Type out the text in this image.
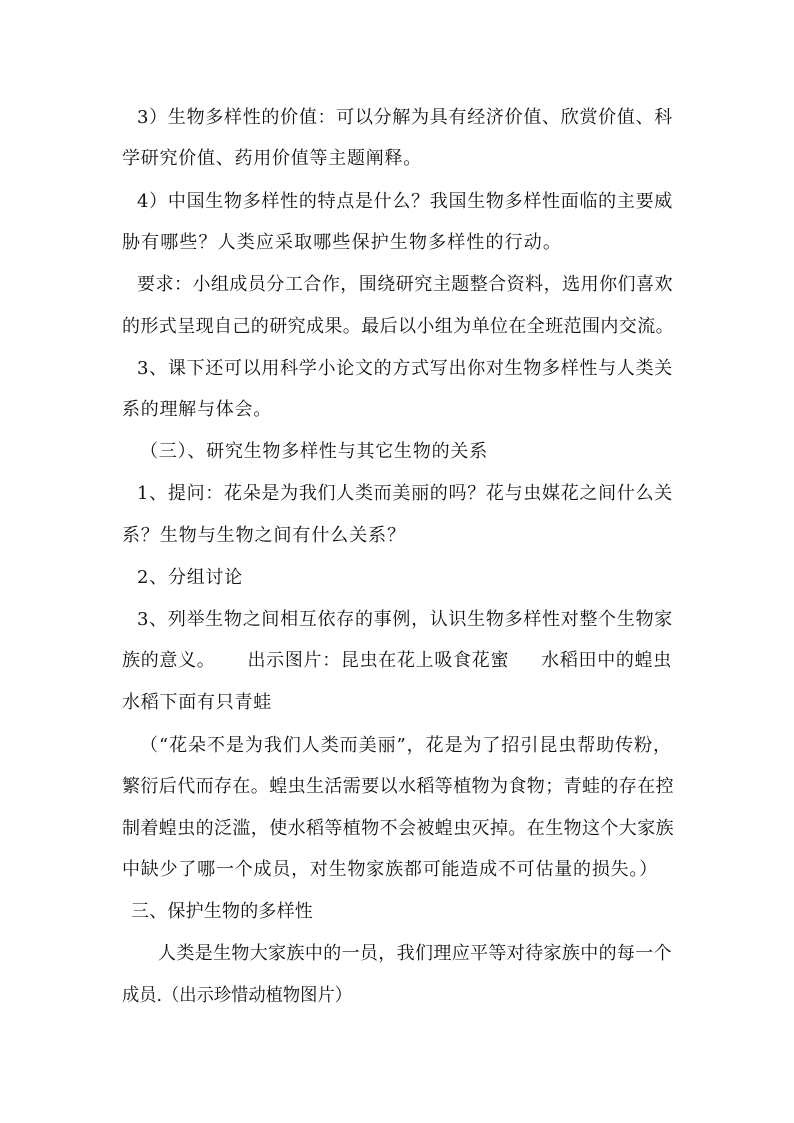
3）生物多样性的价值：可以分解为具有经济价值、欣赏价值、科
学研究价值、药用价值等主题阐释。
4）中国生物多样性的特点是什么？我国生物多样性面临的主要威
胁有哪些？人类应采取哪些保护生物多样性的行动。
要求：小组成员分工合作，围绕研究主题整合资料，选用你们喜欢
的形式呈现自己的研究成果。最后以小组为单位在全班范围内交流。
3、课下还可以用科学小论文的方式写出你对生物多样性与人类关
系的理解与体会。
（三）、研究生物多样性与其它生物的关系
1、提问：花朵是为我们人类而美丽的吗？花与虫媒花之间什么关
系？生物与生物之间有什么关系？
2、分组讨论
3、列举生物之间相互依存的事例，认识生物多样性对整个生物家
族的意义。     出示图片：昆虫在花上吸食花蜜     水稻田中的蝗虫
水稻下面有只青蛙
（“花朵不是为我们人类而美丽”，花是为了招引昆虫帮助传粉，
繁衍后代而存在。蝗虫生活需要以水稻等植物为食物；青蛙的存在控
制着蝗虫的泛滥，使水稻等植物不会被蝗虫灭掉。在生物这个大家族
中缺少了哪一个成员，对生物家族都可能造成不可估量的损失。）
三、保护生物的多样性
人类是生物大家族中的一员，我们理应平等对待家族中的每一个
成员.（出示珍惜动植物图片）
